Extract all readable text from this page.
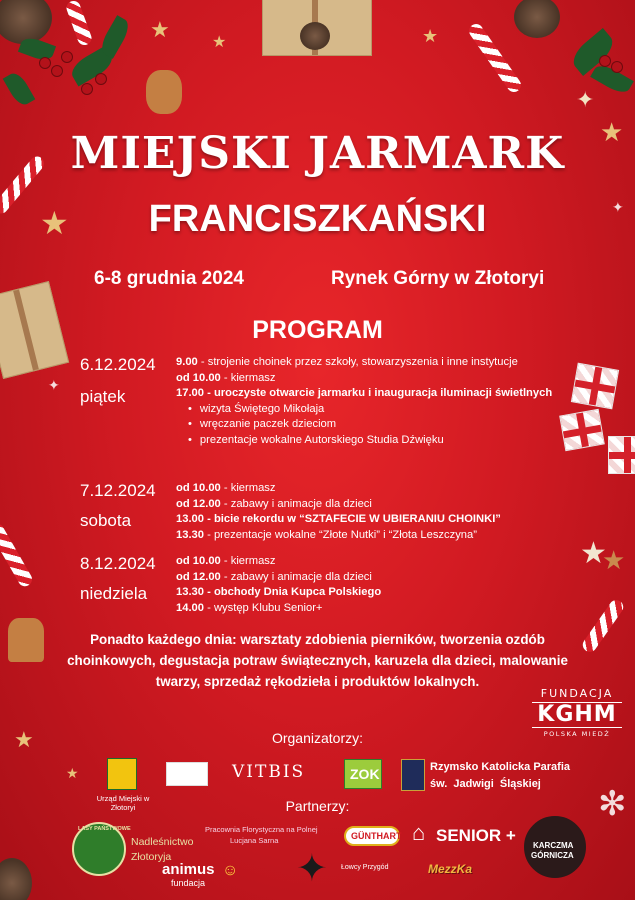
★	★	★
★
✦
✦
★
✦
★
★
★
★
✻
MIEJSKI JARMARK
FRANCISZKAŃSKI
6-8 grudnia 2024	Rynek Górny w Złotoryi
PROGRAM
6.12.2024
piątek
9.00 - strojenie choinek przez szkoły, stowarzyszenia i inne instytucje
od 10.00 - kiermasz
17.00 - uroczyste otwarcie jarmarku i inauguracja iluminacji świetlnych
• wizyta Świętego Mikołaja
• wręczanie paczek dzieciom
• prezentacje wokalne Autorskiego Studia Dźwięku
7.12.2024
sobota
od 10.00 - kiermasz
od 12.00 - zabawy i animacje dla dzieci
13.00 - bicie rekordu w “SZTAFECIE W UBIERANIU CHOINKI”
13.30 - prezentacje wokalne “Złote Nutki” i “Złota Leszczyna”
8.12.2024
niedziela
od 10.00 - kiermasz
od 12.00 - zabawy i animacje dla dzieci
13.30 - obchody Dnia Kupca Polskiego
14.00 - występ Klubu Senior+

Ponadto każdego dnia: warsztaty zdobienia pierników, tworzenia ozdób choinkowych, degustacja potraw świątecznych, karuzela dla dzieci, malowanie twarzy, sprzedaż rękodzieła i produktów lokalnych.

FUNDACJA
KGHM
POLSKA MIEDŹ
Organizatorzy:
Urząd Miejski w Złotoryi
VITBIS	ZOK	Rzymsko Katolicka Parafia
św.  Jadwigi  Śląskiej
Partnerzy:
LASY PAŃSTWOWE
Nadleśnictwo
Złotoryja
Pracownia Florystyczna na Polnej
Lucjana Sarna	GÜNTHART ⌂ SENIOR +
KARCZMA
GÓRNICZA
animus
fundacja
☺ ✦ Łowcy Przygód	MezzKa
